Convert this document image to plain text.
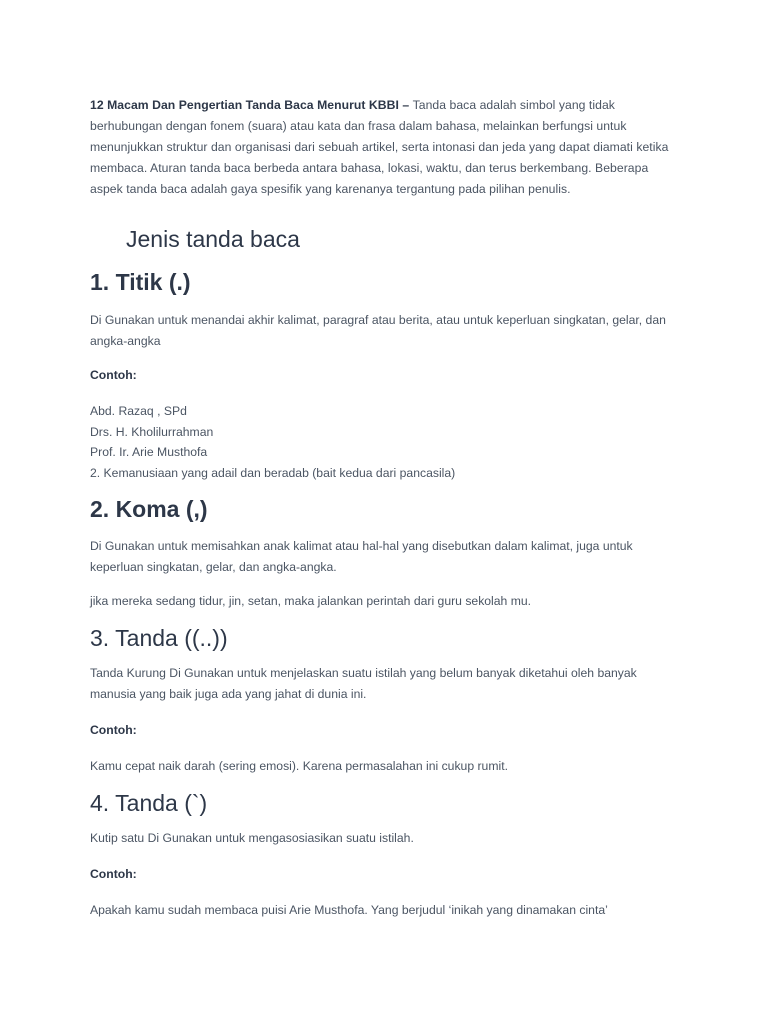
12 Macam Dan Pengertian Tanda Baca Menurut KBBI – Tanda baca adalah simbol yang tidak berhubungan dengan fonem (suara) atau kata dan frasa dalam bahasa, melainkan berfungsi untuk menunjukkan struktur dan organisasi dari sebuah artikel, serta intonasi dan jeda yang dapat diamati ketika membaca. Aturan tanda baca berbeda antara bahasa, lokasi, waktu, dan terus berkembang. Beberapa aspek tanda baca adalah gaya spesifik yang karenanya tergantung pada pilihan penulis.

Jenis tanda baca
1. Titik (.)

Di Gunakan untuk menandai akhir kalimat, paragraf atau berita, atau untuk keperluan singkatan, gelar, dan angka-angka

Contoh:

Abd. Razaq , SPd
Drs. H. Kholilurrahman
Prof. Ir. Arie Musthofa
2. Kemanusiaan yang adail dan beradab (bait kedua dari pancasila)
2. Koma (,)

Di Gunakan untuk memisahkan anak kalimat atau hal-hal yang disebutkan dalam kalimat, juga untuk keperluan singkatan, gelar, dan angka-angka.

jika mereka sedang tidur, jin, setan, maka jalankan perintah dari guru sekolah mu.

3. Tanda ((..))

Tanda Kurung Di Gunakan untuk menjelaskan suatu istilah yang belum banyak diketahui oleh banyak manusia yang baik juga ada yang jahat di dunia ini.

Contoh:

Kamu cepat naik darah (sering emosi). Karena permasalahan ini cukup rumit.

4. Tanda (`)

Kutip satu Di Gunakan untuk mengasosiasikan suatu istilah.

Contoh:

Apakah kamu sudah membaca puisi Arie Musthofa. Yang berjudul ‘inikah yang dinamakan cinta’
